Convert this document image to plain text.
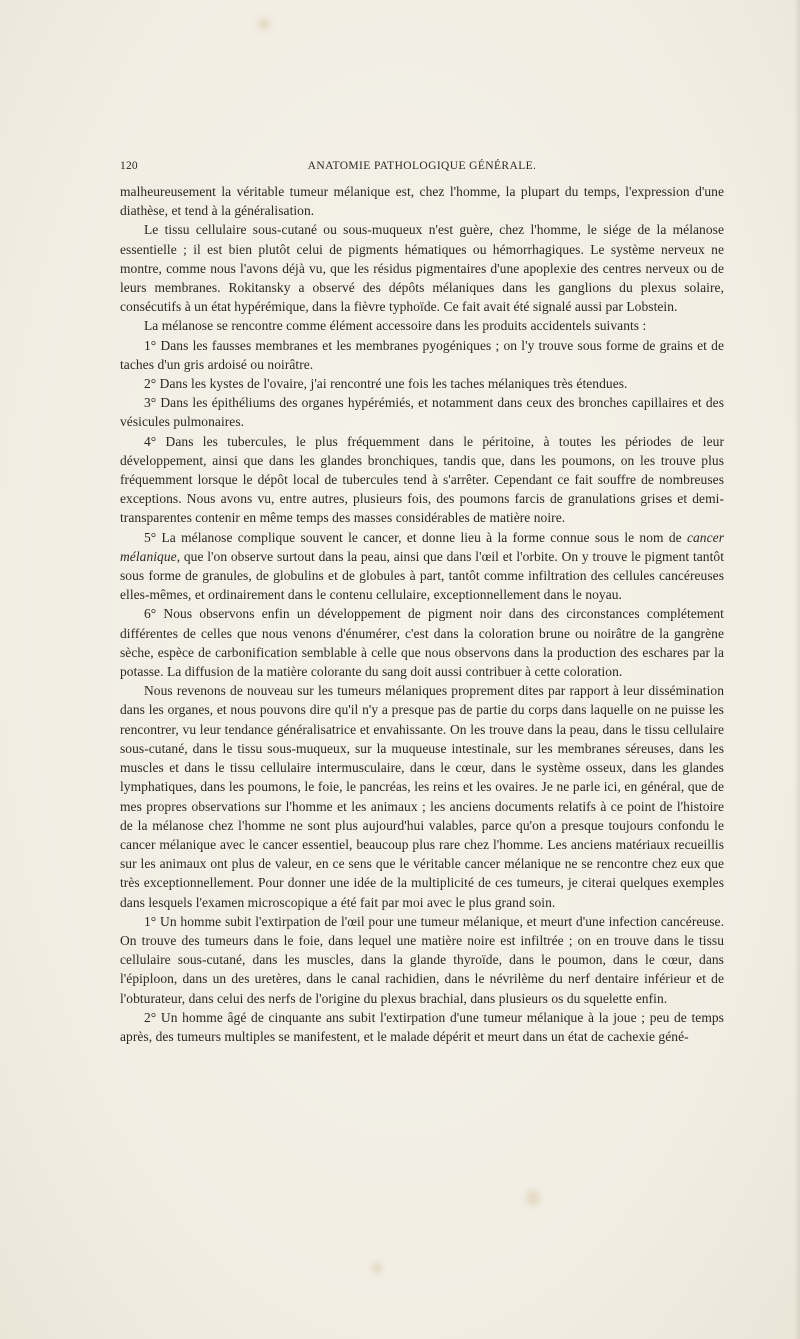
120	ANATOMIE PATHOLOGIQUE GÉNÉRALE.

malheureusement la véritable tumeur mélanique est, chez l'homme, la plupart du temps, l'expression d'une diathèse, et tend à la généralisation.

Le tissu cellulaire sous-cutané ou sous-muqueux n'est guère, chez l'homme, le siége de la mélanose essentielle ; il est bien plutôt celui de pigments hématiques ou hémorrhagiques. Le système nerveux ne montre, comme nous l'avons déjà vu, que les résidus pigmentaires d'une apoplexie des centres nerveux ou de leurs membranes. Rokitansky a observé des dépôts mélaniques dans les ganglions du plexus solaire, consécutifs à un état hypérémique, dans la fièvre typhoïde. Ce fait avait été signalé aussi par Lobstein.

La mélanose se rencontre comme élément accessoire dans les produits accidentels suivants :

1° Dans les fausses membranes et les membranes pyogéniques ; on l'y trouve sous forme de grains et de taches d'un gris ardoisé ou noirâtre.

2° Dans les kystes de l'ovaire, j'ai rencontré une fois les taches mélaniques très étendues.

3° Dans les épithéliums des organes hypérémiés, et notamment dans ceux des bronches capillaires et des vésicules pulmonaires.

4° Dans les tubercules, le plus fréquemment dans le péritoine, à toutes les périodes de leur développement, ainsi que dans les glandes bronchiques, tandis que, dans les poumons, on les trouve plus fréquemment lorsque le dépôt local de tubercules tend à s'arrêter. Cependant ce fait souffre de nombreuses exceptions. Nous avons vu, entre autres, plusieurs fois, des poumons farcis de granulations grises et demi-transparentes contenir en même temps des masses considérables de matière noire.

5° La mélanose complique souvent le cancer, et donne lieu à la forme connue sous le nom de cancer mélanique, que l'on observe surtout dans la peau, ainsi que dans l'œil et l'orbite. On y trouve le pigment tantôt sous forme de granules, de globulins et de globules à part, tantôt comme infiltration des cellules cancéreuses elles-mêmes, et ordinairement dans le contenu cellulaire, exceptionnellement dans le noyau.

6° Nous observons enfin un développement de pigment noir dans des circonstances complétement différentes de celles que nous venons d'énumérer, c'est dans la coloration brune ou noirâtre de la gangrène sèche, espèce de carbonification semblable à celle que nous observons dans la production des eschares par la potasse. La diffusion de la matière colorante du sang doit aussi contribuer à cette coloration.

Nous revenons de nouveau sur les tumeurs mélaniques proprement dites par rapport à leur dissémination dans les organes, et nous pouvons dire qu'il n'y a presque pas de partie du corps dans laquelle on ne puisse les rencontrer, vu leur tendance généralisatrice et envahissante. On les trouve dans la peau, dans le tissu cellulaire sous-cutané, dans le tissu sous-muqueux, sur la muqueuse intestinale, sur les membranes séreuses, dans les muscles et dans le tissu cellulaire intermusculaire, dans le cœur, dans le système osseux, dans les glandes lymphatiques, dans les poumons, le foie, le pancréas, les reins et les ovaires. Je ne parle ici, en général, que de mes propres observations sur l'homme et les animaux ; les anciens documents relatifs à ce point de l'histoire de la mélanose chez l'homme ne sont plus aujourd'hui valables, parce qu'on a presque toujours confondu le cancer mélanique avec le cancer essentiel, beaucoup plus rare chez l'homme. Les anciens matériaux recueillis sur les animaux ont plus de valeur, en ce sens que le véritable cancer mélanique ne se rencontre chez eux que très exceptionnellement. Pour donner une idée de la multiplicité de ces tumeurs, je citerai quelques exemples dans lesquels l'examen microscopique a été fait par moi avec le plus grand soin.

1° Un homme subit l'extirpation de l'œil pour une tumeur mélanique, et meurt d'une infection cancéreuse. On trouve des tumeurs dans le foie, dans lequel une matière noire est infiltrée ; on en trouve dans le tissu cellulaire sous-cutané, dans les muscles, dans la glande thyroïde, dans le poumon, dans le cœur, dans l'épiploon, dans un des uretères, dans le canal rachidien, dans le névrilème du nerf dentaire inférieur et de l'obturateur, dans celui des nerfs de l'origine du plexus brachial, dans plusieurs os du squelette enfin.

2° Un homme âgé de cinquante ans subit l'extirpation d'une tumeur mélanique à la joue ; peu de temps après, des tumeurs multiples se manifestent, et le malade dépérit et meurt dans un état de cachexie géné-
